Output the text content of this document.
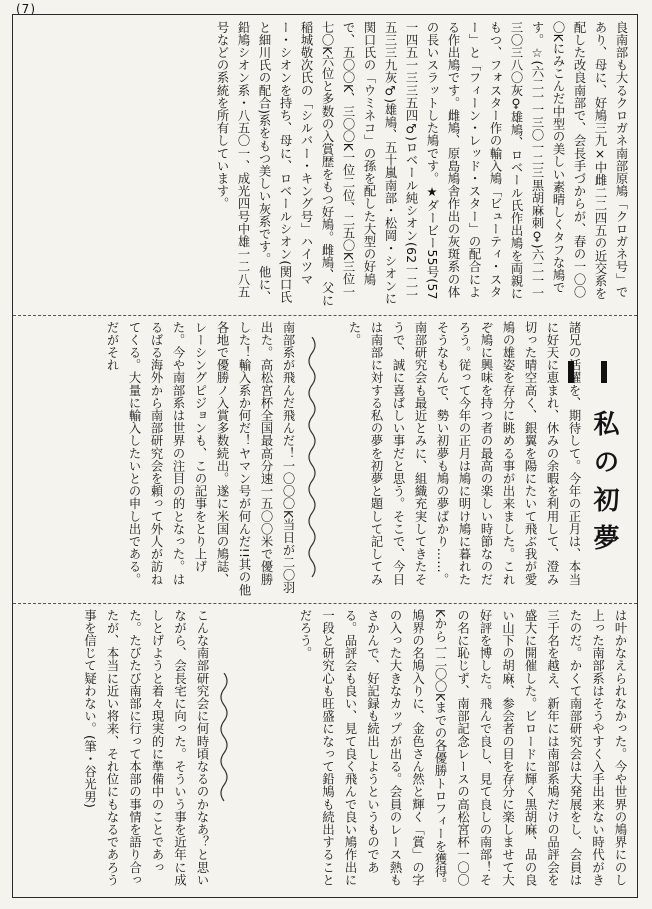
(7)
良南部も大るクロガネ南部原鳩「クロガネ号」であり、母に、好鳩三九×中雌二二四五の近交系を配した改良南部で、会長手づからが、春の一〇〇〇Kにみこんだ中型の美しい素晴しくタフな鳩です。☆(六二一一三〇一二三黒胡麻刺♀)六二一一三〇三八〇灰♀雄鳩、ロベール氏作出鳩を両親にもつ、フォスター作の輸入鳩「ビューティ・スター」と「フィーン・レッド・スター」の配合による作出鳩です。雌鳩、原島鳩舎作出の灰斑系の体の長いスラットした鳩です。★ダービー55号(57一四五一三三五四♂)ロベール純シオン(62一二一五三三九灰♂)雄鳩、五十嵐南部・松岡・シオンに関口氏の「ウミネコ」の孫を配した大型の好鳩で、五〇〇K、三〇〇K一位二位、二五〇K三位一七〇K六位と多数の入賞歴をもつ好鳩。雌鳩、父に稲城敬次氏の「シルバー・キング号」ハイツマー・シオンを持ち、母に、ロベールシオン(関口氏と細川氏の配合)系をもつ美しい灰系です。他に、鉛鳩シオン系・八五〇一、成光四号中雄一二八五号などの系統を所有しています。
私の初夢
諸兄の活躍を、期待して。今年の正月は、本当に好天に恵まれ、休みの余暇を利用して、澄み切った晴空高く、銀翼を陽にたいて飛ぶ我が愛鳩の雄姿を存分に眺める事が出来ました。これぞ鳩に興味を持つ者の最高の楽しい時節なのだろう。従って今年の正月は鳩に明け鳩に暮れたそうなもんで、勢い初夢も鳩の夢ばかり……。南部研究会も最近とみに、組織充実してきたそうで、誠に喜ばしい事だと思う。そこで、今日は南部に対する私の夢を初夢と題して記してみた。
南部系が飛んだ飛んだ！一〇〇〇K当日が二〇羽出た。高松宮杯全国最高分速一五〇〇米で優勝した！輸入系か何だ！ヤマン号が何んだ!!其の他各地で優勝ノ入賞多数続出。遂に米国の鳩誌、レーシングピジョンも、この記事をとり上げた。今や南部系は世界の注目の的となった。はるばる海外から南部研究会を頼って外人が訪ねてくる。大量に輸入したいとの申し出である。だがそれ
は叶かなえられなかった。今や世界の鳩界にのし上った南部系はそうやすく入手出来ない時代がきたのだ。かくて南部研究会は大発展をし、会員は三千名を越え、新年には南部系鳩だけの品評会を盛大に開催した。ビロードに輝く黒胡麻、品の良い山下の胡麻、参会者の目を存分に楽しませて大好評を博した。飛んで良し、見て良しの南部！その名に恥じず、南部記念レースの高松宮杯一〇〇Kから一二〇〇Kまでの各優勝トロフィーを獲得。鳩界の名鳩入りに、金色さん然と輝く「賞」の字の入った大きなカップが出る。会員のレース熱もさかんで、好記録も続出しようというものである。品評会も良い、見て良く飛んで良い鳩作出に一段と研究心も旺盛になって鉛鳩も続出することだろう。
こんな南部研究会に何時頃なるのかなあ？と思いながら、会長宅に向った。そういう事を近年に成しとげようと着々現実的に準備中のことであった。たびたび南部に行って本部の事情を語り合ったが、本当に近い将来、それ位にもなるであろう事を信じて疑わない。(筆・谷光男)
